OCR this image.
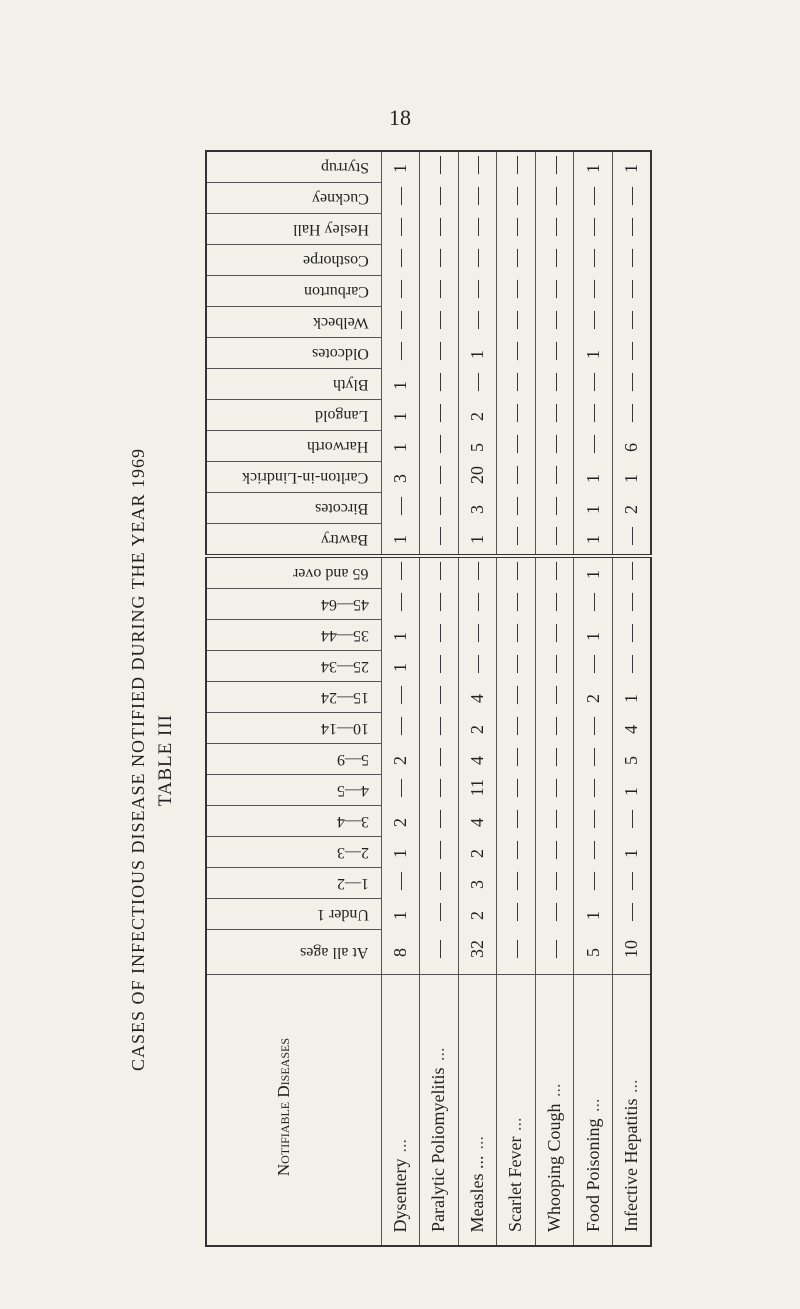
18
CASES OF INFECTIOUS DISEASE NOTIFIED DURING THE YEAR 1969 TABLE III
Styrrup	1	—	—	—	—	1	1
Cuckney	—	—	—	—	—	—	—
Hesley Hall	—	—	—	—	—	—	—
Costhorpe	—	—	—	—	—	—	—
Carburton	—	—	—	—	—	—	—
Welbeck	—	—	—	—	—	—	—
Oldcotes	—	—	1	—	—	1	—
Blyth	1	—	—	—	—	—	—
Langold	1	—	2	—	—	—	—
Harworth	1	—	5	—	—	—	6
Carlton-in-Lindrick	3	—	20	—	—	1	1
Bircotes	—	—	3	—	—	1	2
Bawtry	1	—	1	—	—	1	—
65 and over	—	—	—	—	—	1	—
45—64	—	—	—	—	—	—	—
35—44	1	—	—	—	—	1	—
25—34	1	—	—	—	—	—	—
15—24	—	—	4	—	—	2	1
10—14	—	—	2	—	—	—	4
5—9	2	—	4	—	—	—	5
4—5	—	—	11	—	—	—	1
3—4	2	—	4	—	—	—	—
2—3	1	—	2	—	—	—	1
1—2	—	—	3	—	—	—	—
Under 1	1	—	2	—	—	1	—
At all ages	8	—	32	—	—	5	10
Notifiable Diseases	Dysentery...	Paralytic Poliomyelitis...	Measles ......	Scarlet Fever...	Whooping Cough...	Food Poisoning...	Infective Hepatitis...
